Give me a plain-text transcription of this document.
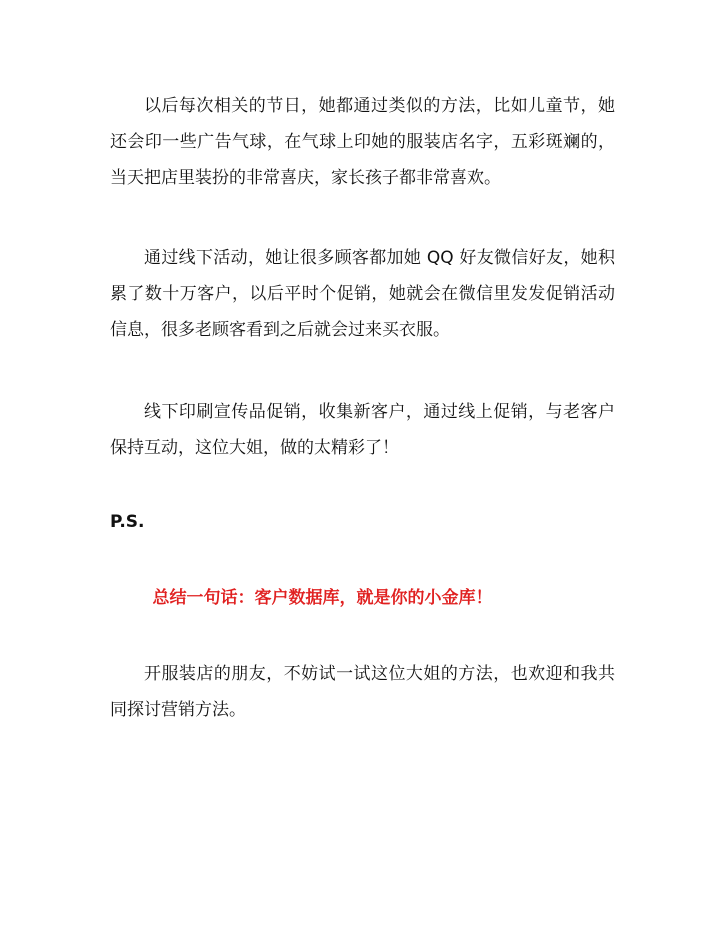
以后每次相关的节日，她都通过类似的方法，比如儿童节，她还会印一些广告气球，在气球上印她的服装店名字，五彩斑斓的，当天把店里装扮的非常喜庆，家长孩子都非常喜欢。

通过线下活动，她让很多顾客都加她 QQ 好友微信好友，她积累了数十万客户，以后平时个促销，她就会在微信里发发促销活动信息，很多老顾客看到之后就会过来买衣服。

线下印刷宣传品促销，收集新客户，通过线上促销，与老客户保持互动，这位大姐，做的太精彩了！

P.S.

总结一句话：客户数据库，就是你的小金库！

开服装店的朋友，不妨试一试这位大姐的方法，也欢迎和我共同探讨营销方法。
